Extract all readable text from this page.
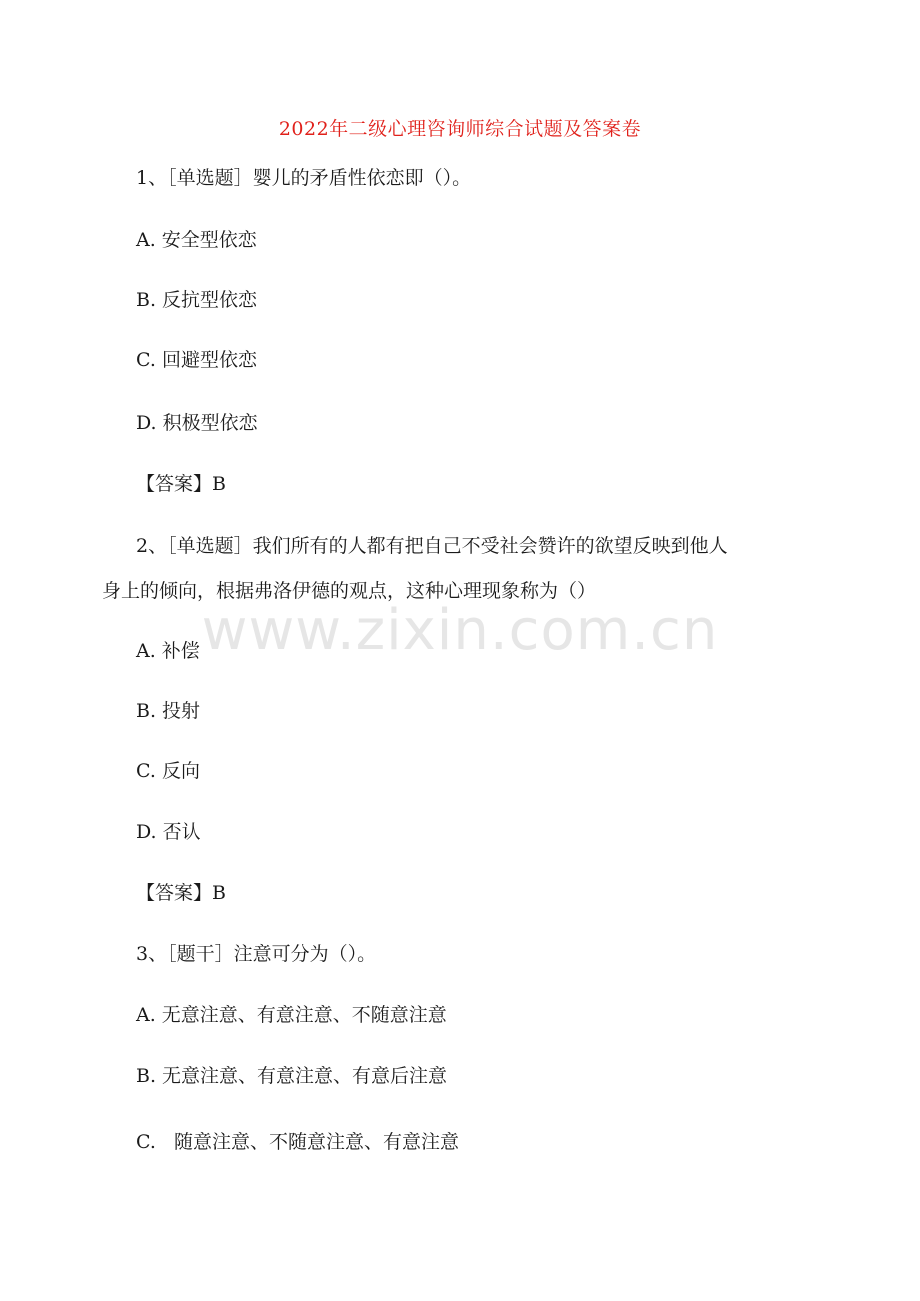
www.zixin.com.cn
2022年二级心理咨询师综合试题及答案卷
1、［单选题］婴儿的矛盾性依恋即（）。
A. 安全型依恋
B. 反抗型依恋
C. 回避型依恋
D. 积极型依恋
【答案】B
2、［单选题］我们所有的人都有把自己不受社会赞许的欲望反映到他人
身上的倾向，根据弗洛伊德的观点，这种心理现象称为（）
A. 补偿
B. 投射
C. 反向
D. 否认
【答案】B
3、［题干］注意可分为（）。
A. 无意注意、有意注意、不随意注意
B. 无意注意、有意注意、有意后注意
C.   随意注意、不随意注意、有意注意
